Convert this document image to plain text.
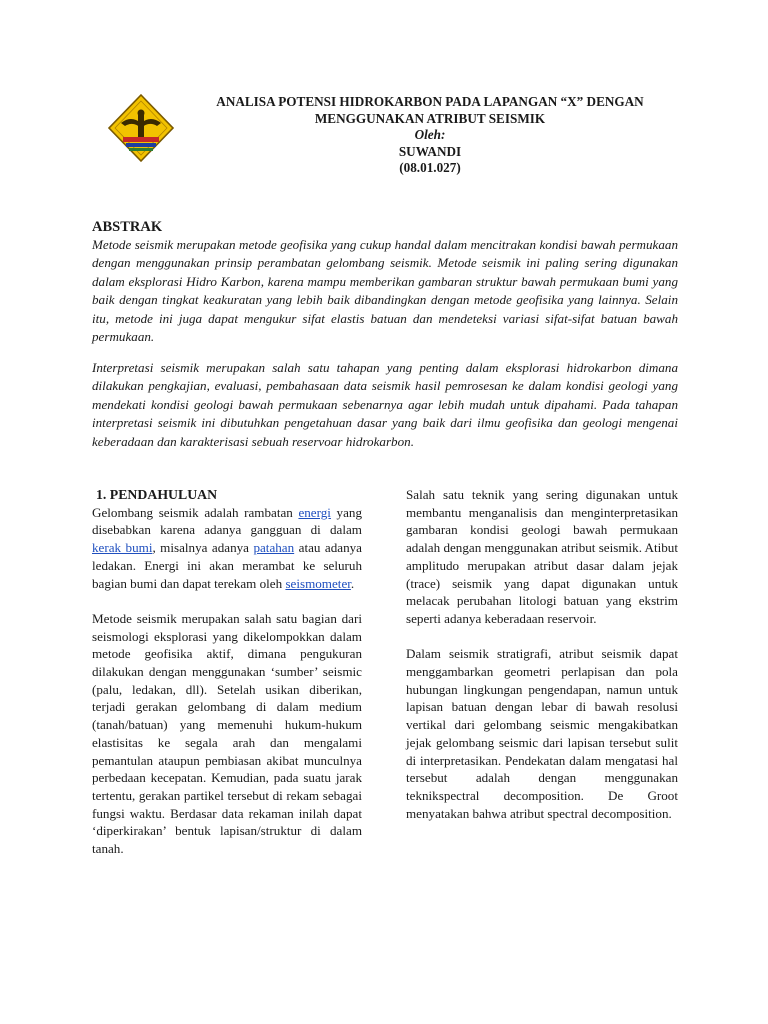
ANALISA POTENSI HIDROKARBON PADA LAPANGAN “X” DENGAN
MENGGUNAKAN ATRIBUT SEISMIK
Oleh:
SUWANDI
(08.01.027)
ABSTRAK

Metode seismik merupakan metode geofisika yang cukup handal dalam mencitrakan kondisi bawah permukaan dengan menggunakan prinsip perambatan gelombang seismik. Metode seismik ini paling sering digunakan dalam eksplorasi Hidro Karbon, karena mampu memberikan gambaran struktur bawah permukaan bumi yang baik dengan tingkat keakuratan yang lebih baik dibandingkan dengan metode geofisika yang lainnya. Selain itu, metode ini juga dapat mengukur sifat elastis batuan dan mendeteksi variasi sifat-sifat batuan bawah permukaan.

Interpretasi seismik merupakan salah satu tahapan yang penting dalam eksplorasi hidrokarbon dimana dilakukan pengkajian, evaluasi, pembahasaan data seismik hasil pemrosesan ke dalam kondisi geologi yang mendekati kondisi geologi bawah permukaan sebenarnya agar lebih mudah untuk dipahami. Pada tahapan interpretasi seismik ini dibutuhkan pengetahuan dasar yang baik dari ilmu geofisika dan geologi mengenai keberadaan dan karakterisasi sebuah reservoar hidrokarbon.

1. PENDAHULUAN

Gelombang seismik adalah rambatan energi yang disebabkan karena adanya gangguan di dalam kerak bumi, misalnya adanya patahan atau adanya ledakan. Energi ini akan merambat ke seluruh bagian bumi dan dapat terekam oleh seismometer.

Metode seismik merupakan salah satu bagian dari seismologi eksplorasi yang dikelompokkan dalam metode geofisika aktif, dimana pengukuran dilakukan dengan menggunakan ‘sumber’ seismic (palu, ledakan, dll). Setelah usikan diberikan, terjadi gerakan gelombang di dalam medium (tanah/batuan) yang memenuhi hukum-hukum elastisitas ke segala arah dan mengalami pemantulan ataupun pembiasan akibat munculnya perbedaan kecepatan. Kemudian, pada suatu jarak tertentu, gerakan partikel tersebut di rekam sebagai fungsi waktu. Berdasar data rekaman inilah dapat ‘diperkirakan’ bentuk lapisan/struktur di dalam tanah.

Salah satu teknik yang sering digunakan untuk membantu menganalisis dan menginterpretasikan gambaran kondisi geologi bawah permukaan adalah dengan menggunakan atribut seismik. Atibut amplitudo merupakan atribut dasar dalam jejak (trace) seismik yang dapat digunakan untuk melacak perubahan litologi batuan yang ekstrim seperti adanya keberadaan reservoir.

Dalam seismik stratigrafi, atribut seismik dapat menggambarkan geometri perlapisan dan pola hubungan lingkungan pengendapan, namun untuk lapisan batuan dengan lebar di bawah resolusi vertikal dari gelombang seismic mengakibatkan jejak gelombang seismic dari lapisan tersebut sulit di interpretasikan. Pendekatan dalam mengatasi hal tersebut adalah dengan menggunakan teknikspectral decomposition. De Groot menyatakan bahwa atribut spectral decomposition.
